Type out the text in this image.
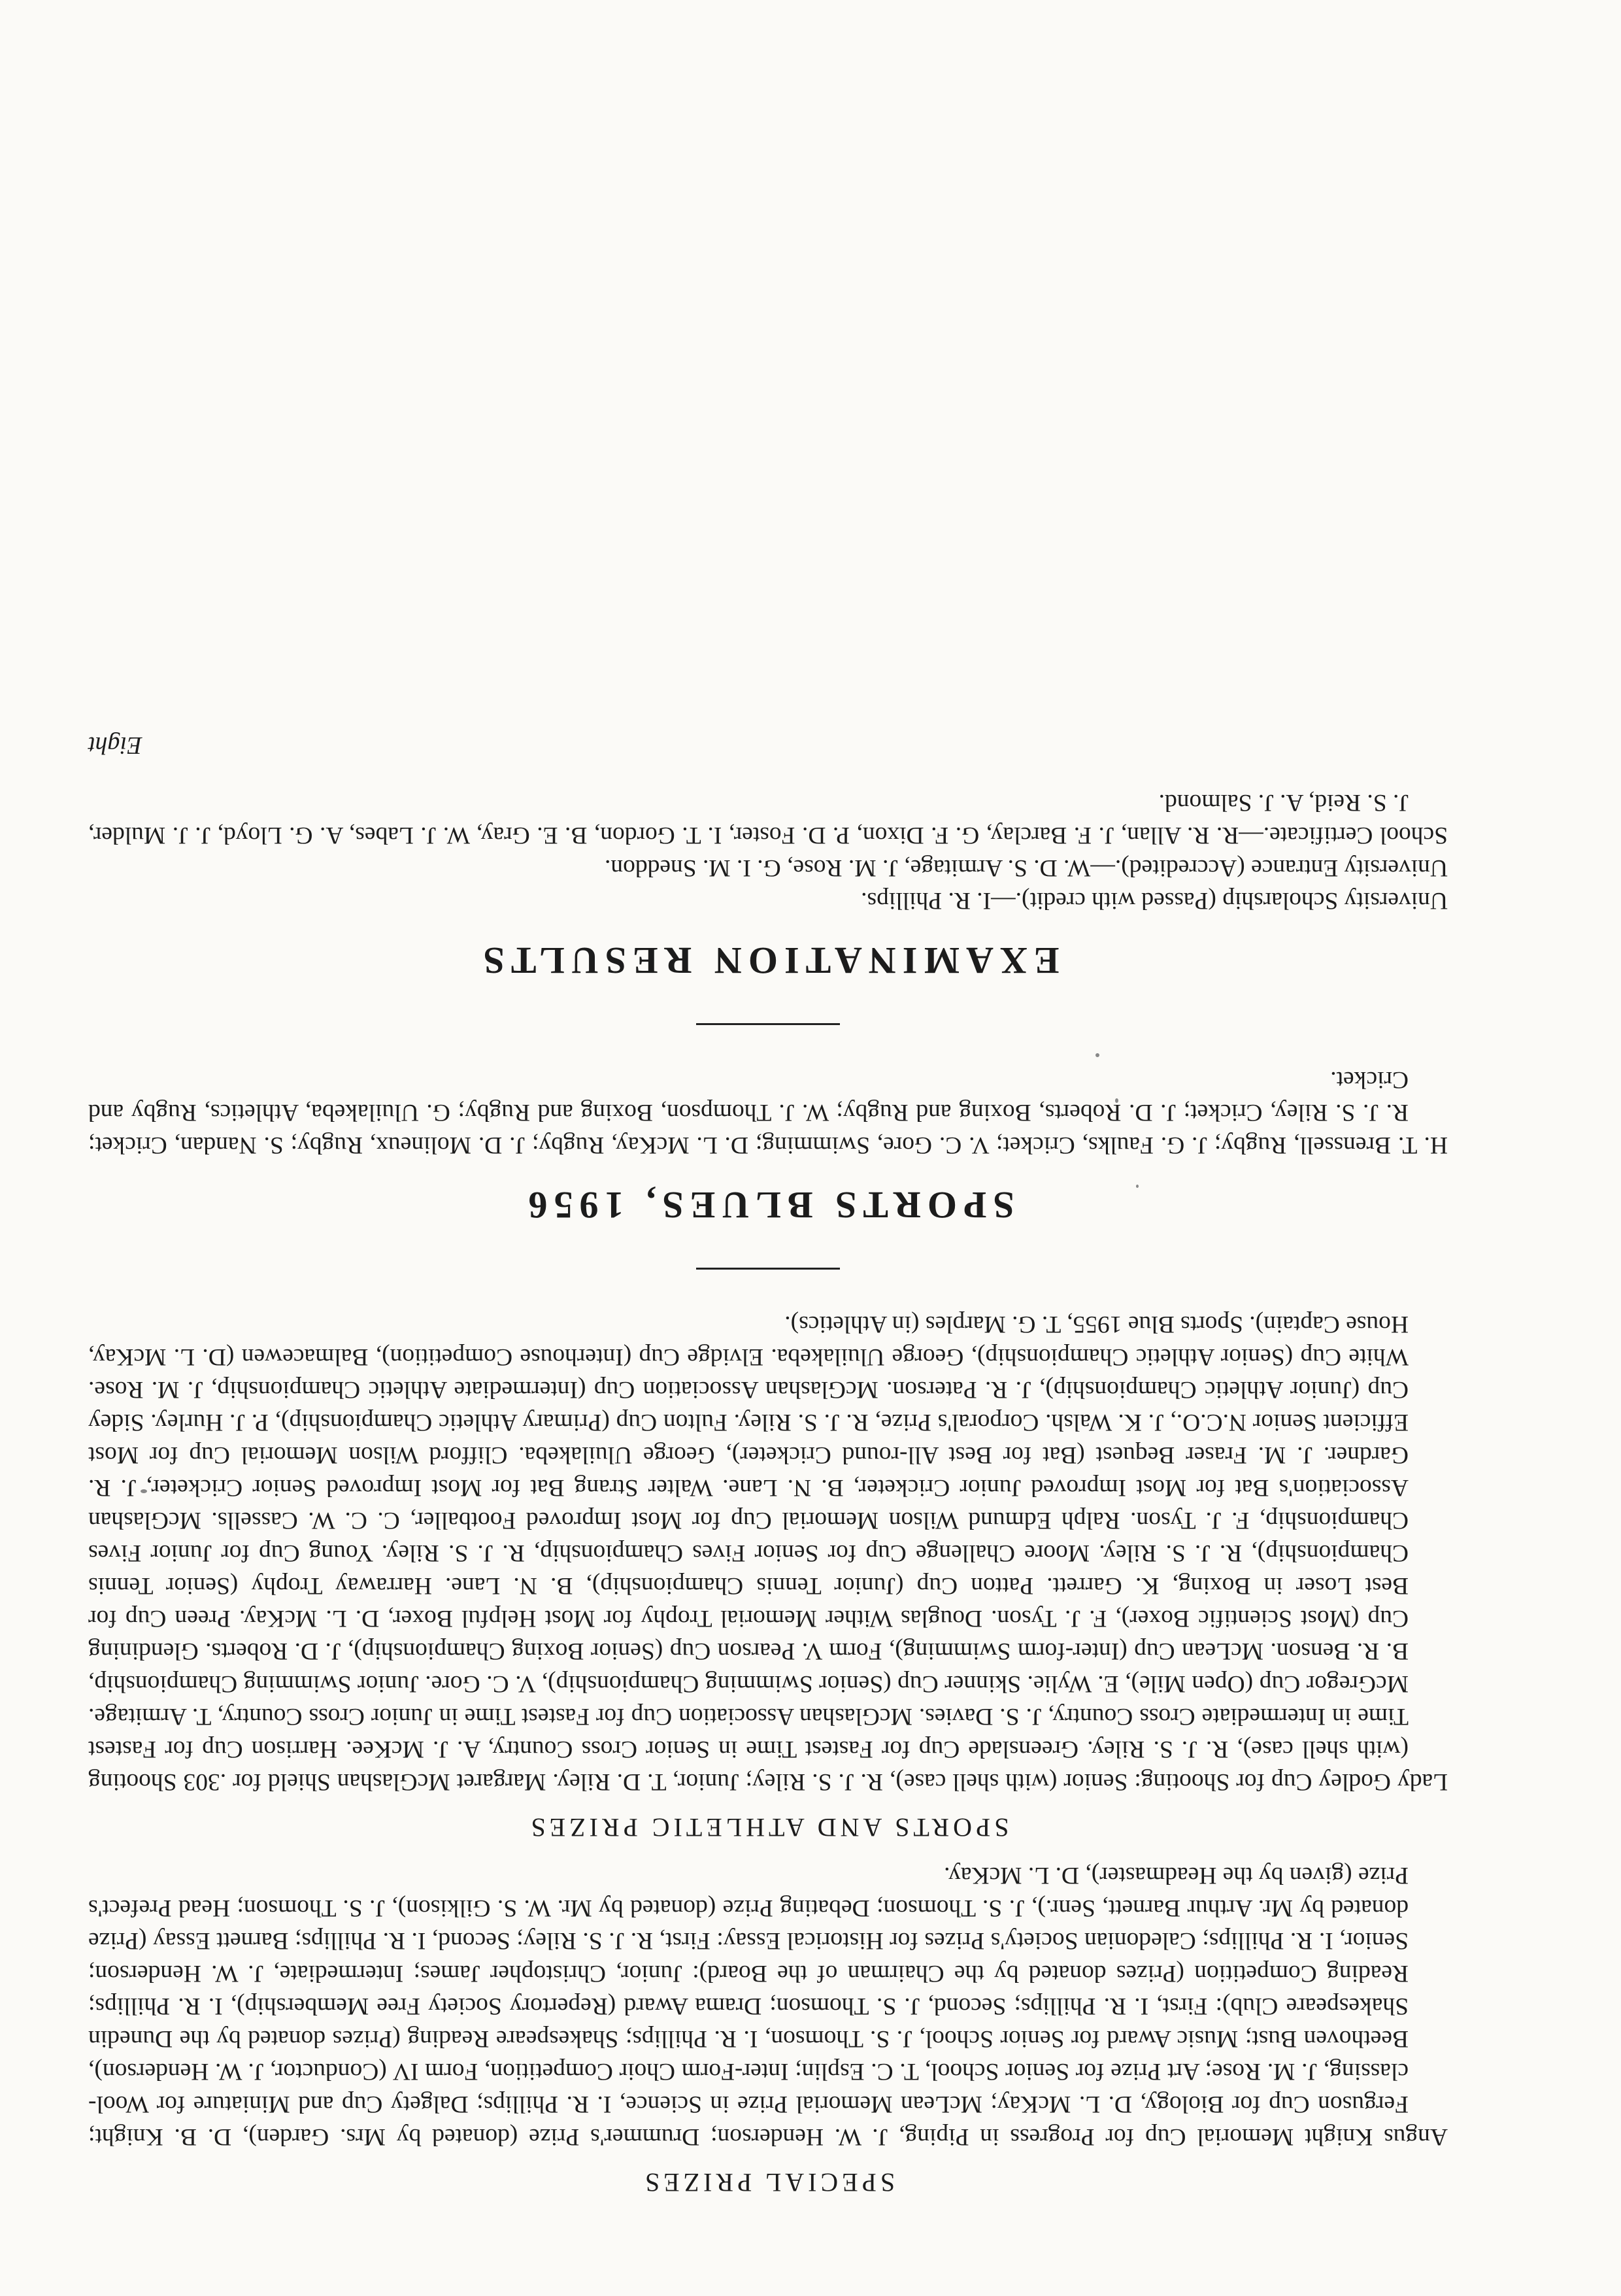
SPECIAL PRIZES

Angus Knight Memorial Cup for Progress in Piping, J. W. Henderson; Drummer's Prize (donated by Mrs. Garden), D. B. Knight; Ferguson Cup for Biology, D. L. McKay; McLean Memorial Prize in Science, I. R. Phillips; Dalgety Cup and Miniature for Wool-classing, J. M. Rose; Art Prize for Senior School, T. C. Esplin; Inter-Form Choir Competition, Form IV (Conductor, J. W. Henderson), Beethoven Bust; Music Award for Senior School, J. S. Thomson, I. R. Phillips; Shakespeare Reading (Prizes donated by the Dunedin Shakespeare Club): First, I. R. Phillips; Second, J. S. Thomson; Drama Award (Repertory Society Free Membership), I. R. Phillips; Reading Competition (Prizes donated by the Chairman of the Board): Junior, Christopher James; Intermediate, J. W. Henderson; Senior, I. R. Phillips; Caledonian Society's Prizes for Historical Essay: First, R. J. S. Riley; Second, I. R. Phillips; Barnett Essay (Prize donated by Mr. Arthur Barnett, Senr.), J. S. Thomson; Debating Prize (donated by Mr. W. S. Gilkison), J. S. Thomson; Head Prefect's Prize (given by the Headmaster), D. L. McKay.

SPORTS AND ATHLETIC PRIZES

Lady Godley Cup for Shooting: Senior (with shell case), R. J. S. Riley; Junior, T. D. Riley. Margaret McGlashan Shield for .303 Shooting (with shell case), R. J. S. Riley. Greenslade Cup for Fastest Time in Senior Cross Country, A. J. McKee. Harrison Cup for Fastest Time in Intermediate Cross Country, J. S. Davies. McGlashan Association Cup for Fastest Time in Junior Cross Country, T. Armitage. McGregor Cup (Open Mile), E. Wylie. Skinner Cup (Senior Swimming Championship), V. C. Gore. Junior Swimming Championship, B. R. Benson. McLean Cup (Inter-form Swimming), Form V. Pearson Cup (Senior Boxing Championship), J. D. Roberts. Glendining Cup (Most Scientific Boxer), F. J. Tyson. Douglas Wither Memorial Trophy for Most Helpful Boxer, D. L. McKay. Preen Cup for Best Loser in Boxing, K. Garrett. Patton Cup (Junior Tennis Championship), B. N. Lane. Harraway Trophy (Senior Tennis Championship), R. J. S. Riley. Moore Challenge Cup for Senior Fives Championship, R. J. S. Riley. Young Cup for Junior Fives Championship, F. J. Tyson. Ralph Edmund Wilson Memorial Cup for Most Improved Footballer, C. C. W. Cassells. McGlashan Association's Bat for Most Improved Junior Cricketer, B. N. Lane. Walter Strang Bat for Most Improved Senior Cricketer, J. R. Gardner. J. M. Fraser Bequest (Bat for Best All-round Cricketer), George Uluilakeba. Clifford Wilson Memorial Cup for Most Efficient Senior N.C.O., J. K. Walsh. Corporal's Prize, R. J. S. Riley. Fulton Cup (Primary Athletic Championship), P. J. Hurley. Sidey Cup (Junior Athletic Championship), J. R. Paterson. McGlashan Association Cup (Intermediate Athletic Championship, J. M. Rose. White Cup (Senior Athletic Championship), George Uluilakeba. Elvidge Cup (Interhouse Competition), Balmacewen (D. L. McKay, House Captain). Sports Blue 1955, T. G. Marples (in Athletics).

SPORTS BLUES, 1956

H. T. Brenssell, Rugby; J. G. Faulks, Cricket; V. C. Gore, Swimming; D. L. McKay, Rugby; J. D. Molineux, Rugby; S. Nandan, Cricket; R. J. S. Riley, Cricket; J. D. Roberts, Boxing and Rugby; W. J. Thompson, Boxing and Rugby; G. Uluilakeba, Athletics, Rugby and Cricket.

EXAMINATION RESULTS

University Scholarship (Passed with credit).—I. R. Phillips.

University Entrance (Accredited).—W. D. S. Armitage, J. M. Rose, G. I. M. Sneddon.

School Certificate.—R. R. Allan, J. F. Barclay, G. F. Dixon, P. D. Foster, I. T. Gordon, B. E. Gray, W. J. Labes, A. G. Lloyd, J. J. Mulder, J. S. Reid, A. J. Salmond.

Eight
